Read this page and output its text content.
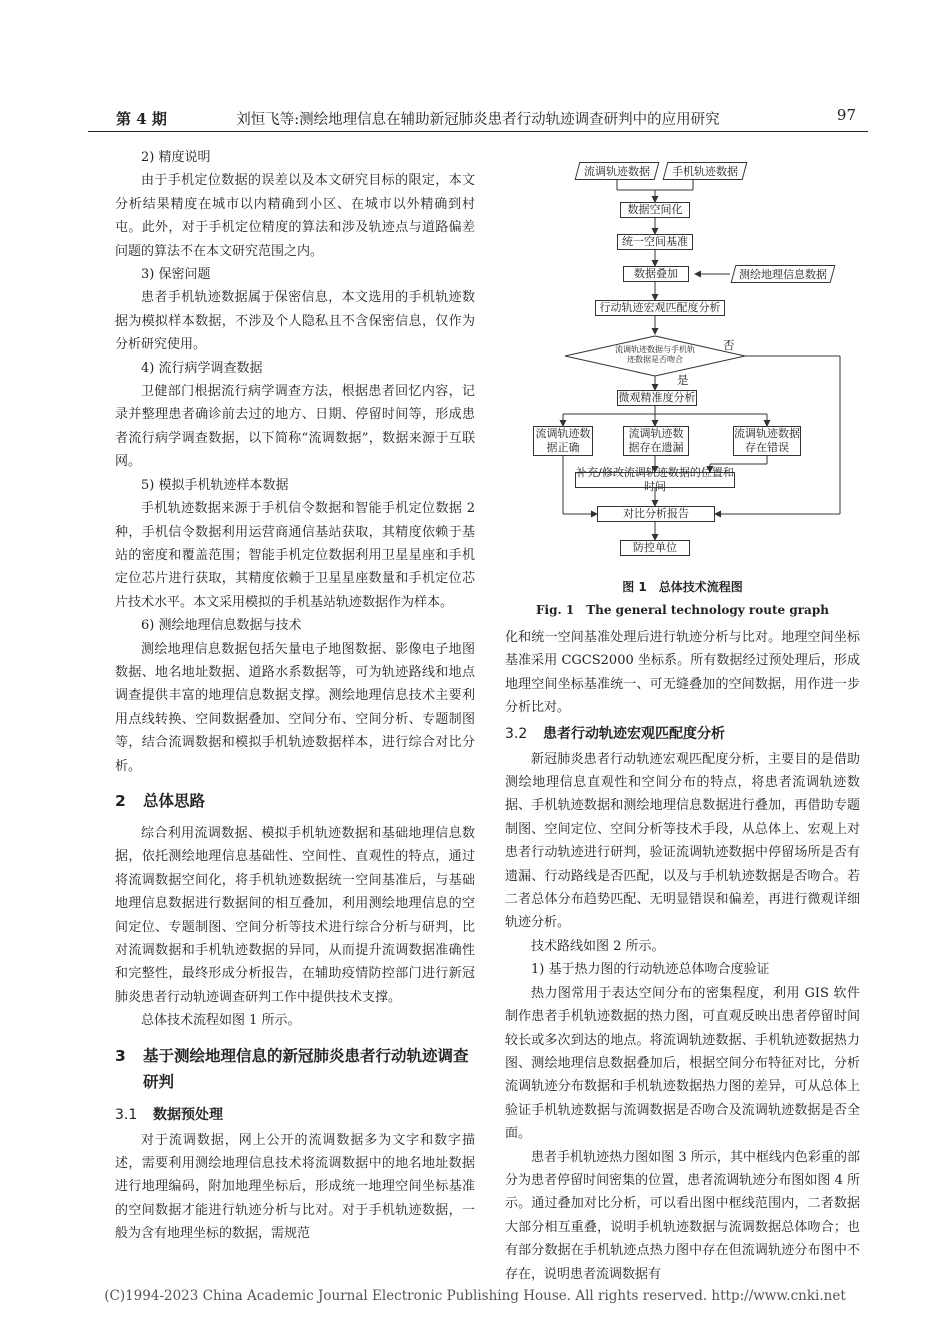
刘恒飞等:测绘地理信息在辅助新冠肺炎患者行动轨迹调查研判中的应用研究
第 4 期	97

2) 精度说明

由于手机定位数据的误差以及本文研究目标的限定，本文分析结果精度在城市以内精确到小区、在城市以外精确到村屯。此外，对于手机定位精度的算法和涉及轨迹点与道路偏差问题的算法不在本文研究范围之内。

3) 保密问题

患者手机轨迹数据属于保密信息，本文选用的手机轨迹数据为模拟样本数据，不涉及个人隐私且不含保密信息，仅作为分析研究使用。

4) 流行病学调查数据

卫健部门根据流行病学调查方法，根据患者回忆内容，记录并整理患者确诊前去过的地方、日期、停留时间等，形成患者流行病学调查数据，以下简称“流调数据”，数据来源于互联网。

5) 模拟手机轨迹样本数据

手机轨迹数据来源于手机信令数据和智能手机定位数据 2 种，手机信令数据利用运营商通信基站获取，其精度依赖于基站的密度和覆盖范围；智能手机定位数据利用卫星星座和手机定位芯片进行获取，其精度依赖于卫星星座数量和手机定位芯片技术水平。本文采用模拟的手机基站轨迹数据作为样本。

6) 测绘地理信息数据与技术

测绘地理信息数据包括矢量电子地图数据、影像电子地图数据、地名地址数据、道路水系数据等，可为轨迹路线和地点调查提供丰富的地理信息数据支撑。测绘地理信息技术主要利用点线转换、空间数据叠加、空间分布、空间分析、专题制图等，结合流调数据和模拟手机轨迹数据样本，进行综合对比分析。

2 总体思路

综合利用流调数据、模拟手机轨迹数据和基础地理信息数据，依托测绘地理信息基础性、空间性、直观性的特点，通过将流调数据空间化，将手机轨迹数据统一空间基准后，与基础地理信息数据进行数据间的相互叠加，利用测绘地理信息的空间定位、专题制图、空间分析等技术进行综合分析与研判，比对流调数据和手机轨迹数据的异同，从而提升流调数据准确性和完整性，最终形成分析报告，在辅助疫情防控部门进行新冠肺炎患者行动轨迹调查研判工作中提供技术支撑。

总体技术流程如图 1 所示。

3	基于测绘地理信息的新冠肺炎患者行动轨迹调查研判
3.1 数据预处理

对于流调数据，网上公开的流调数据多为文字和数字描述，需要利用测绘地理信息技术将流调数据中的地名地址数据进行地理编码，附加地理坐标后，形成统一地理空间坐标基准的空间数据才能进行轨迹分析与比对。对于手机轨迹数据，一般为含有地理坐标的数据，需规范

流调轨迹数据	手机轨迹数据
数据空间化
统一空间基准
数据叠加	测绘地理信息数据
行动轨迹宏观匹配度分析
流调轨迹数据与手机轨迹数据是否吻合
否
是
微观精准度分析
流调轨迹数据正确
流调轨迹数据存在遗漏
流调轨迹数据存在错误
补充/修改流调轨迹数据的位置和时间
对比分析报告
防控单位
图 1　总体技术流程图
Fig. 1　The general technology route graph

化和统一空间基准处理后进行轨迹分析与比对。地理空间坐标基准采用 CGCS2000 坐标系。所有数据经过预处理后，形成地理空间坐标基准统一、可无缝叠加的空间数据，用作进一步分析比对。

3.2 患者行动轨迹宏观匹配度分析

新冠肺炎患者行动轨迹宏观匹配度分析，主要目的是借助测绘地理信息直观性和空间分布的特点，将患者流调轨迹数据、手机轨迹数据和测绘地理信息数据进行叠加，再借助专题制图、空间定位、空间分析等技术手段，从总体上、宏观上对患者行动轨迹进行研判，验证流调轨迹数据中停留场所是否有遗漏、行动路线是否匹配，以及与手机轨迹数据是否吻合。若二者总体分布趋势匹配、无明显错误和偏差，再进行微观详细轨迹分析。

技术路线如图 2 所示。

1) 基于热力图的行动轨迹总体吻合度验证

热力图常用于表达空间分布的密集程度，利用 GIS 软件制作患者手机轨迹数据的热力图，可直观反映出患者停留时间较长或多次到达的地点。将流调轨迹数据、手机轨迹数据热力图、测绘地理信息数据叠加后，根据空间分布特征对比，分析流调轨迹分布数据和手机轨迹数据热力图的差异，可从总体上验证手机轨迹数据与流调数据是否吻合及流调轨迹数据是否全面。

患者手机轨迹热力图如图 3 所示，其中框线内色彩重的部分为患者停留时间密集的位置，患者流调轨迹分布图如图 4 所示。通过叠加对比分析，可以看出图中框线范围内，二者数据大部分相互重叠，说明手机轨迹数据与流调数据总体吻合；也有部分数据在手机轨迹点热力图中存在但流调轨迹分布图中不存在，说明患者流调数据有

(C)1994-2023 China Academic Journal Electronic Publishing House. All rights reserved. http://www.cnki.net
